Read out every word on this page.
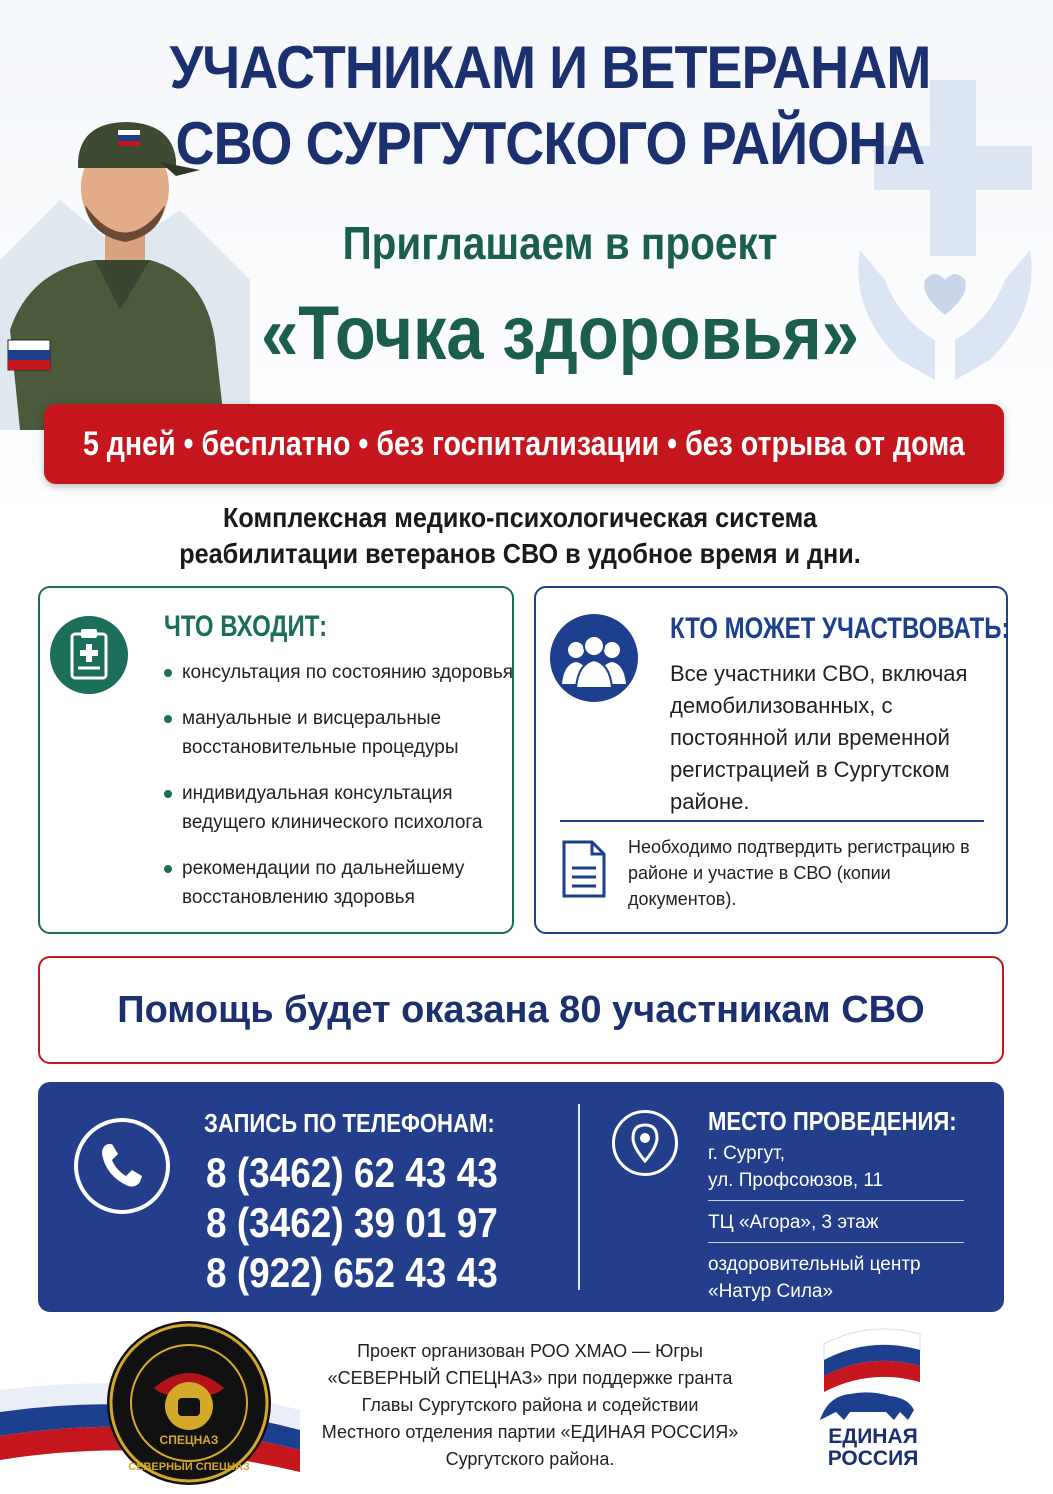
УЧАСТНИКАМ И ВЕТЕРАНАМ
СВО СУРГУТСКОГО РАЙОНА
Приглашаем в проект
«Точка здоровья»
5 дней • бесплатно • без госпитализации • без отрыва от дома
Комплексная медико-психологическая система
реабилитации ветеранов СВО в удобное время и дни.
ЧТО ВХОДИТ:
консультация по состоянию здоровья
мануальные и висцеральные восстановительные процедуры
индивидуальная консультация ведущего клинического психолога
рекомендации по дальнейшему восстановлению здоровья
КТО МОЖЕТ УЧАСТВОВАТЬ:
Все участники СВО, включая демобилизованных, с постоянной или временной регистрацией в Сургутском районе.
Необходимо подтвердить регистрацию в районе и участие в СВО (копии документов).
Помощь будет оказана 80 участникам СВО
ЗАПИСЬ ПО ТЕЛЕФОНАМ:
8 (3462) 62 43 43
8 (3462) 39 01 97
8 (922) 652 43 43
МЕСТО ПРОВЕДЕНИЯ:
г. Сургут,
ул. Профсоюзов, 11
ТЦ «Агора», 3 этаж
оздоровительный центр
«Натур Сила»
СПЕЦНАЗ
СЕВЕРНЫЙ СПЕЦНАЗ
Проект организован РОО ХМАО — Югры
«СЕВЕРНЫЙ СПЕЦНАЗ» при поддержке гранта
Главы Сургутского района и содействии
Местного отделения партии «ЕДИНАЯ РОССИЯ»
Сургутского района.
ЕДИНАЯ
РОССИЯ
